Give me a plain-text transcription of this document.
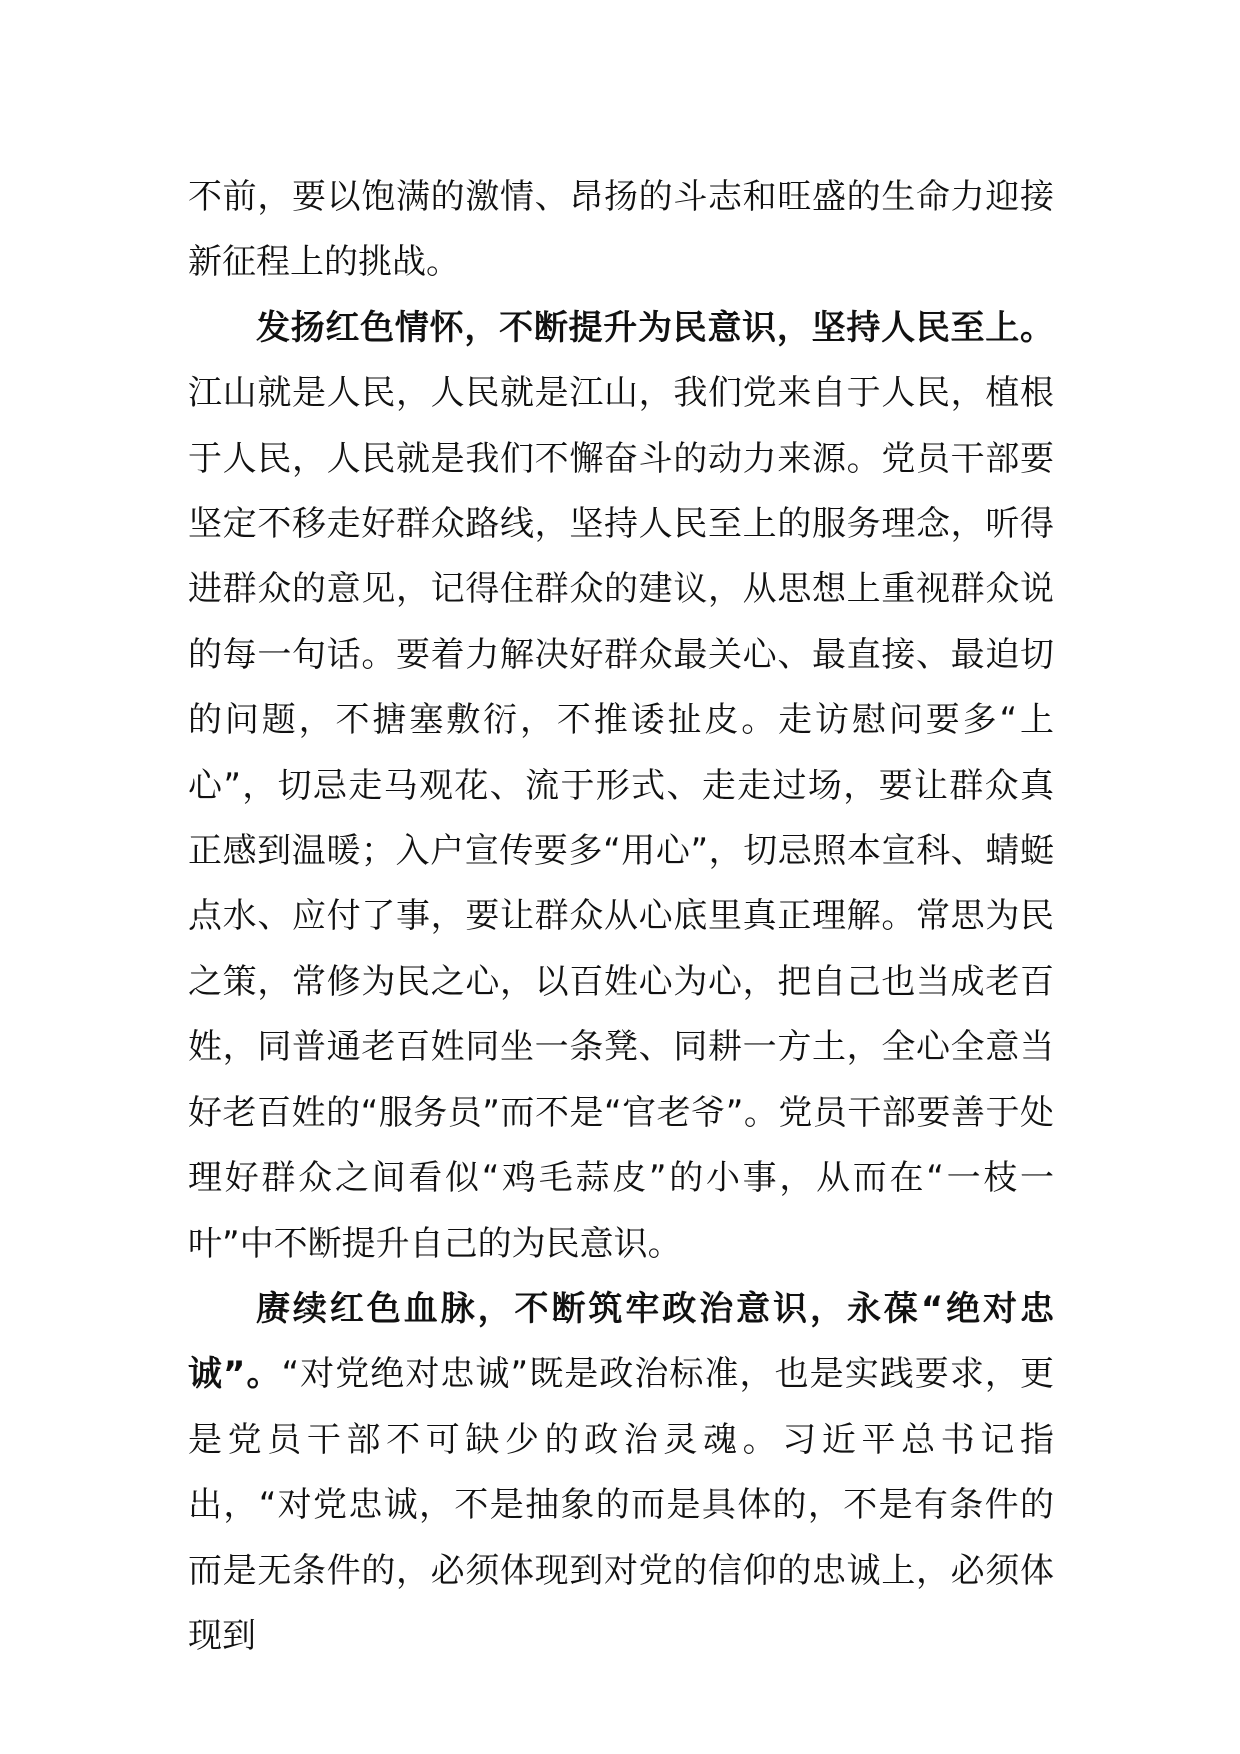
不前，要以饱满的激情、昂扬的斗志和旺盛的生命力迎接新征程上的挑战。

发扬红色情怀，不断提升为民意识，坚持人民至上。江山就是人民，人民就是江山，我们党来自于人民，植根于人民，人民就是我们不懈奋斗的动力来源。党员干部要坚定不移走好群众路线，坚持人民至上的服务理念，听得进群众的意见，记得住群众的建议，从思想上重视群众说的每一句话。要着力解决好群众最关心、最直接、最迫切的问题，不搪塞敷衍，不推诿扯皮。走访慰问要多“上心”，切忌走马观花、流于形式、走走过场，要让群众真正感到温暖；入户宣传要多“用心”，切忌照本宣科、蜻蜓点水、应付了事，要让群众从心底里真正理解。常思为民之策，常修为民之心，以百姓心为心，把自己也当成老百姓，同普通老百姓同坐一条凳、同耕一方土，全心全意当好老百姓的“服务员”而不是“官老爷”。党员干部要善于处理好群众之间看似“鸡毛蒜皮”的小事，从而在“一枝一叶”中不断提升自己的为民意识。

赓续红色血脉，不断筑牢政治意识，永葆“绝对忠诚”。“对党绝对忠诚”既是政治标准，也是实践要求，更是党员干部不可缺少的政治灵魂。习近平总书记指出，“对党忠诚，不是抽象的而是具体的，不是有条件的而是无条件的，必须体现到对党的信仰的忠诚上，必须体现到
